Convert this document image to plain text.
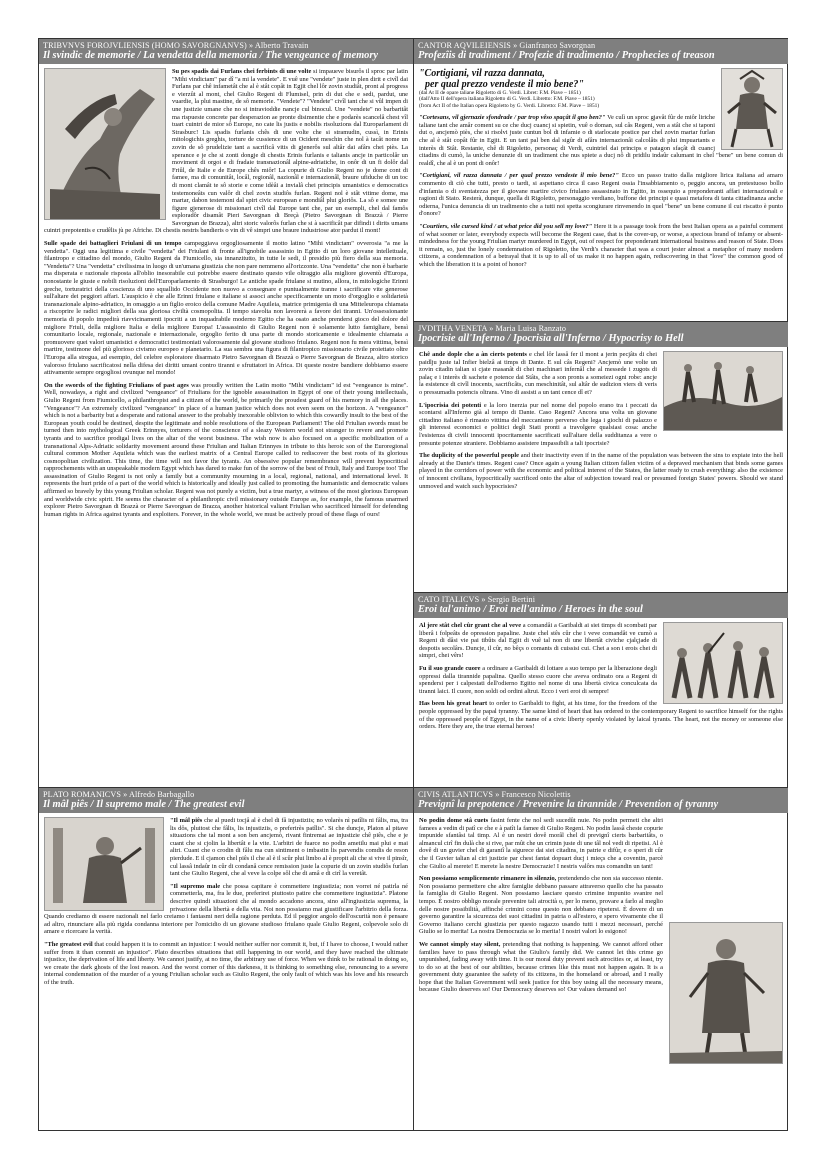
TRIBVNVS FOROJVLIENSIS (HOMO SAVORGNANVS) » Alberto Travain
Il svindic de memorie / La vendetta della memoria / The vengeance of memory

Su pes spadis dai Furlans chei ferbints di une volte si impaueve bisurôs il sproc par latin "Mihi vindictam" par dî "a mi la vendete". E vuê une "vendete" juste in plen dirit e civîl dai Furlans par chê infametât che al è stât copât in Egjit chel lôr zovin studiât, pront al progress e vierzût al mont, chel Giulio Regeni di Flumisel, prin di dut che e sedi, pardut, une vuardie, la plui mastine, de sô memorie. "Vendete"? "Vendete" civîl tant che si vûl impen di une justizie umane che no si intravioddie nancje cul binocul. Une "vendete" no barbaritât ma rispueste concrete par desperazion ae pronte disimentie che e podarès scancelâ chest vîl tuart cuintri de mior sô Europe, no cate lis justis e nobilis risoluzions dal Europarlament di Strasburc! Lis spadis furlanis chês di une volte che si stramudin, cussì, in Erinis mitologichis greghis, torture de cussience di un Ocident meschin che nol à tacât nome un zovin de sô prudelizie tant a sacrificâ vitis di gjenerôs sul altâr dai afârs chei piès. La sperance e je che si zonti dongje di chestis Erinis furlanis e talianis ancje in particolâr un moviment di orgoi e di fradaie transnazionâl alpine-adriatiche, in onôr di un fi dolôr dal Friûl, de Italie e de Europe chês miôr! La copurie di Giulio Regeni no je dome cont di famee, ma di comunitât, locâl, regionâl, nazionâl e internazionâl, braure ufiduche di un toc di mont clamât te sô storie e come idèâi a invialâ chei principis umanistics e democratics testemoneâts cun valôr di chel zovin studiôs furlan. Regeni nol è stât vitime dome, ma martar, dabon testemoni dal spirt civic european e mondiâl plui gloriôs. La sô e somee une figure gjenerose di missionari civîl dal Europe tant che, par un esempli, chel dal famôs esploradôr disamât Pieri Savorgnan di Breçà (Pietro Savorgnan di Brazzà / Pierre Savorgnan de Brazza), altri storic valorôs furlan che si à sacrificât par difindi i dirits umans cuintri prepotentis e crudêlis jù pe Afriche. Di chestis nestris bandieris o vin di vê simpri une braure industriose ator pardut il mont!

Sulle spade dei battaglieri Friulani di un tempo campeggiava orgogliosamente il motto latino "Mihi vindictam" ovverosia "a me la vendetta". Oggi una legittima e civile "vendetta" dei Friulani di fronte all'ignobile assassinio in Egitto di un loro giovane intellettuale, filantropo e cittadino del mondo, Giulio Regeni da Fiumicello, sia innanzitutto, in tutte le sedi, il presidio più fiero della sua memoria. "Vendetta"? Una "vendetta" civilissima in luogo di un'umana giustizia che non pare nemmeno all'orizzonte. Una "vendetta" che non è barbarie ma disperata e razionale risposta all'oblio inesorabile cui potrebbe essere destinato questo vile oltraggio alla migliore gioventù d'Europa, nonostante le giuste e nobili risoluzioni dell'Europarlamento di Strasburgo! Le antiche spade friulane si mutino, allora, in mitologiche Erinni greche, torturatrici della coscienza di uno squallido Occidente non nuovo a consegnare e puntualmente tranne i sacrificare vite generose sull'altare dei peggiori affari. L'auspicio è che alle Erinni friulane e italiane si associ anche specificamente un moto d'orgoglio e solidarietà transnazionale alpino-adriatico, in omaggio a un figlio eroico della comune Madre Aquileia, matrice primigenia di una Mitteleuropa chiamata a riscoprire le radici migliori della sua gloriosa civiltà cosmopolita. Il tempo stavolta non lavorerà a favore dei tiranni. Un'ossessionante memoria di popolo impedirà riavvicinamenti ipocriti a un inquadrabile moderno Egitto che ha osato anche prendersi gioco del dolore del migliore Friuli, della migliore Italia e della migliore Europa! L'assassinio di Giulio Regeni non è solamente lutto famigliare, bensì comunitario locale, regionale, nazionale e internazionale, orgoglio ferito di una parte di mondo storicamente e idealmente chiamata a promuovere quei valori umanistici e democratici testimoniati valorosamente dal giovane studioso friulano. Regeni non fu mera vittima, bensì martire, testimone del più glorioso civismo europeo e planetario. La sua sembra una figura di filantropico missionario civile proiettato oltre l'Europa alla stregua, ad esempio, del celebre esploratore disarmato Pietro Savorgnan di Brazzà o Pierre Savorgnan de Brazza, altro storico valoroso friulano sacrificatosi nella difesa dei diritti umani contro tiranni e sfruttatori in Africa. Di queste nostre bandiere dobbiamo essere attivamente sempre orgogliosi ovunque nel mondo!

On the swords of the fighting Friulians of past ages was proudly written the Latin motto "Mihi vindictam" id est "vengeance is mine". Well, nowadays, a right and civilized "vengeance" of Friulians for the ignoble assassination in Egypt of one of their young intellectuals, Giulio Regeni from Fiumicello, a philanthropist and a citizen of the world, be primarily the proudest guard of his memory in all the places. "Vengeance"? An extremely civilized "vengeance" in place of a human justice which does not even seem on the horizon. A "vengeance" which is not a barbarity but a desperate and rational answer to the probably inexorable oblivion to which this cowardly insult to the best of the European youth could be destined, despite the legitimate and noble resolutions of the European Parliament! The old Friulian swords must be turned then into mythological Greek Erinnyes, torturers of the conscience of a sleazy Western world not stranger to revere and promote tyrants and to sacrifice prodigal lives on the altar of the worst business. The wish now is also focused on a specific mobilization of a transnational Alps-Adriatic solidarity movement around these Friulian and Italian Erinnyes in tribute to this heroic son of the Euroregional cultural common Mother Aquileia which was the earliest matrix of a Central Europe called to rediscover the best roots of its glorious cosmopolitan civilization. This time, the time will not favor the tyrants. An obsessive popular remembrance will prevent hypocritical rapprochements with an unspeakable modern Egypt which has dared to make fun of the sorrow of the best of Friuli, Italy and Europe too! The assassination of Giulio Regeni is not only a family but a community mourning in a local, regional, national, and international level. It represents the hurt pride of a part of the world which is historically and ideally just called to promoting the humanistic and democratic values affirmed so bravely by this young Friulian scholar. Regeni was not purely a victim, but a true martyr, a witness of the most glorious European and worldwide civic spirit. He seems the character of a philanthropic civil missionary outside Europe as, for example, the famous unarmed explorer Pietro Savorgnan di Brazzà or Pierre Savorgnan de Brazza, another historical valiant Friulian who sacrificed himself for defending human rights in Africa against tyrants and exploiters. Forever, in the whole world, we must be actively proud of these flags of ours!

CANTOR AQVILEIENSIS » Gianfranco Savorgnan
Profezîis di tradiment / Profezie di tradimento / Prophecies of treason
"Cortigiani, vil razza dannata,
per qual prezzo vendeste il mio bene?"
(dal At II de opare taliane Rigoletto di G. Verdi. Libret: F.M. Piave – 1851)
(dall'Atto II dell'opera italiana Rigoletto di G. Verdi. Libretto: F.M. Piave – 1851)
(from Act II of the Italian opera Rigoletto by G. Verdi. Libretto: F.M. Piave – 1851)

"Cortesans, vil gjernazie sfondrade / par trop vêso spaçât il gno ben?" Ve culì un sproc gjavât fûr de miôr liriche taliane tant che amâr coment su ce che ducj cuancj si spietin, vuê o doman, sul câs Regeni, ven a stâi che si taponi dut o, ancjemò piès, che si risolvi juste cuntun bol di infamie o di starlocate postice par chel zovin martar furlan che al è stât copât fûr in Egjit. E un tant pal ben dal sigûr di afârs internazionâi calcolâts di plui impuartants e interès di Stât. Restanie, chê di Rigoletto, personaç di Verdi, cuintriel dai princips e patagon sfaçât di cuancj citadins di cumò, la uniche denunzie di un tradiment che nus spiete a ducj nô di pridilu indaûr calumant in chel "bene" un bene comun di realdî, che al è un pont di onôr!

"Cortigiani, vil razza dannata / per qual prezzo vendeste il mio bene?" Ecco un passo tratto dalla migliore lirica italiana ad amaro commento di ciò che tutti, presto o tardi, si aspettano circa il caso Regeni ossia l'insabbiamento o, peggio ancora, un pretestuoso bollo d'infamia o di sventatezza per il giovane martire civico friulano assassinato in Egitto, in ossequio a preponderanti affari internazionali e ragioni di Stato. Resterà, dunque, quella di Rigoletto, personaggio verdiano, buffone dei principi e quasi metafora di tanta cittadinanza anche odierna, l'unica denuncia di un tradimento che a tutti noi spetta scongiurare rinvenendo in quel "bene" un bene comune il cui riscatto è punto d'onore?

"Courtiers, vile cursed kind / at what price did you sell my love?" Here it is a passage took from the best Italian opera as a painful comment of what sooner or later, everybody expects will become the Regeni case, that is the cover-up, or worse, a specious brand of infamy or absent-mindedness for the young Friulian martyr murdered in Egypt, out of respect for preponderant international business and reason of State. Does it remain, so, just the lonely condemnation of Rigoletto, the Verdi's character that was a court jester almost a metaphor of many modern citizens, a condemnation of a betrayal that it is up to all of us make it no happen again, rediscovering in that "love" the common good of which the liberation it is a point of honor?

JVDITHA VENETA » Maria Luisa Ranzato
Ipocrisie all'Inferno / Ipocrisia all'Inferno / Hypocrisy to Hell

Chê ande dople che a àn cierts potents e chel lôr lassâ fer il mont a jerin pecjâts di chei paidlju juste tal Infier bielzâ ai timps di Dante. E sul câs Regeni? Ancjemò une volte un zovin citadin talian si cjate masanât di chei machinari infernâl che al messede i zugots di palaç e i interès di sachete e potence dai Stâts, che a son pronts a someiezi ogni robe: ancje la esistence di civîl inocents, sacrificâts, cun meschinitât, sul altâr de sudizion viers di veris o pressumadis potencis oltrans. Vino di assisti a un tant cence dî et?

L'ipocrisia dei potenti e la loro inerzia pur nel nome del popolo erano tra i peccati da scontarsi all'Inferno già al tempo di Dante. Caso Regeni? Ancora una volta un giovane cittadino italiano è rimasto vittima del meccanismo perverso che lega i giochi di palazzo e gli interessi economici e politici degli Stati pronti a travolgere qualsiasi cosa: anche l'esistenza di civili innocenti ipocritamente sacrificati sull'altare della sudditanza a vere o presunte potenze straniere. Dobbiamo assistere impassibili a tali ipocrisie?

The duplicity of the powerful people and their inactivity even if in the name of the population was between the sins to expiate into the hell already at the Dante's times. Regeni case? Once again a young Italian citizen fallen victim of a depraved mechanism that binds some games played in the corridors of power with the economic and political interest of the States, the latter ready to crush everything: also the existence of innocent civilians, hypocritically sacrificed onto the altar of subjection toward real or presumed foreign States' powers. Should we stand unmoved and watch such hypocrisies?

CATO ITALICVS » Sergio Bertini
Eroi tal'animo / Eroi nell'animo / Heroes in the soul

Al jere stât chel cûr grant che al veve a comandâi a Garibaldi ai siei timps di scombati par liberâ i folpeâts de opression papaline. Juste chel stês cûr che i veve comandât ve cumò a Regeni di dâsi vie pai tibûts dal Egjit di vuê tal non di une libertât civiche cjalçjade di despotis secolârs. Duncje, il cûr, no bêçs o comants di cuissisi cui. Chei a son i erois chei di simpri, chei vêrs!

Fu il suo grande cuore a ordinare a Garibaldi di lottare a suo tempo per la liberazione degli oppressi dalla tirannide papalina. Quello stesso cuore che aveva ordinato ora a Regeni di spendersi per i calpestati dell'odierno Egitto nel nome di una libertà civica conculcata da tiranni laici. Il cuore, non soldi od ordini altrui. Ecco i veri eroi di sempre!

Has been his great heart to order to Garibaldi to fight, at his time, for the freedom of the people oppressed by the papal tyranny. The same kind of heart that has ordered to the contemporary Regeni to sacrifice himself for the rights of the oppressed people of Egypt, in the name of a civic liberty openly violated by laical tyrants. The heart, not the money or someone else orders. Here they are, the true eternal heroes!

PLATO ROMANICVS » Alfredo Barbagallo
Il mâl piês / Il supremo male / The greatest evil

"Il mâl piês che al puedi tocjâ al è chel di fâ injustiziis; no volarès nì patîlis ni fâlis, ma, tra lis dôs, pluitost che fâlis, lis injustiziis, o preferirès patîlis". Si che duncje, Platon al pitave situazions che tal mont a son ben ancjemò, rivant fintremai ae injustizie chê piês, che e je cuant che si cjolin la libertât e la vite. L'arbitri de fuarce no podin ametilu mai plui e mai altri. Cuant che o crodin di fâlu ma cun sintiment o imbastin lis parvendis comdis de reson pierdude. E il cjamon chel piês il che al è il scûr plui limbo al è propit ali che si vive il pinsîr, cul lassâ indaûr in cûr di condanâ cence remission juste la copurie di un zovin studiôs furlan tant che Giulio Regeni, che al veve la colpe sôl che di amâ e di cirî la veretât.

"Il supremo male che possa capitare è commettere ingiustizia; non vorrei né patirla né commetterla, ma, fra le due, preferirei piuttosto patire che commettere ingiustizia". Platone descrive quindi situazioni che al mondo accadono ancora, sino all'ingiustizia suprema, la privazione della libertà e della vita. Noi non possiamo mai giustificare l'arbitrio della forza. Quando crediamo di essere razionali nel farlo creiamo i fantasmi neri della ragione perduta. Ed il peggior angolo dell'oscurità non è pensare ad altro, rinunciare alla più rigida condanna interiore per l'omicidio di un giovane studioso friulano quale Giulio Regeni, colpevole solo di amare e ricercare la verità.

"The greatest evil that could happen it is to commit an injustice: I would neither suffer nor commit it, but, if I have to choose, I would rather suffer from it than commit an injustice". Plato describes situations that still happening in our world, and they have reached the ultimate injustice, the deprivation of life and liberty. We cannot justify, at no time, the arbitrary use of force. When we think to be rational in doing so, we create the dark ghosts of the lost reason. And the worst corner of this darkness, it is thinking to something else, renouncing to a severe internal condemnation of the murder of a young Friulian scholar such as Giulio Regeni, the only fault of which was his love and his research of the truth.

CIVIS ATLANTICVS » Francesco Nicolettis
Prevignî la prepotence / Prevenire la tirannide / Prevention of tyranny

No podin dome stâ cuets fasint fente che nol sedi sucedût nuie. No podin permeti che altri famees a vedin di patî ce che e à patît la famee di Giulio Regeni. No podin lassâ cheste copurie impunide sfantâsi tal timp. Al è un nestri dovê morâl chel di prevignî cierts barbaritâts, o almancul cirî fin dulà che si rive, par mût che un crimin juste di une tâl nol vedi di ripetisi. Al è dovê di un guvier chel di garantî la sigurece dai siei citadins, in patrie e difûr, e o speri di cûr che il Guvier talian al ciri justizie par chest fantat dopuart ducj i mieçs che a coventin, parcè che Giulio al merete! E merete la nestre Democrazie! I nestris valôrs nus comandin un tant!

Non possiamo semplicemente rimanere in silenzio, pretendendo che non sia successo niente. Non possiamo permettere che altre famiglie debbano passare attraverso quello che ha passato la famiglia di Giulio Regeni. Non possiamo lasciare questo crimine impunito svanire nel tempo. È nostro obbligo morale prevenire tali atrocità o, per lo meno, provare a farlo al meglio delle nostre possibilità, affinché crimini come questo non debbano ripetersi. È dovere di un governo garantire la sicurezza dei suoi cittadini in patria o all'estero, e spero vivamente che il Governo italiano cerchi giustizia per questo ragazzo usando tutti i mezzi necessari, perché Giulio se lo merita! La nostra Democrazia se lo merita! I nostri valori lo esigono!

We cannot simply stay silent, pretending that nothing is happening. We cannot afford other families have to pass through what the Giulio's family did. We cannot let this crime go unpunished, fading away with time. It is our moral duty prevent such atrocities or, at least, try to do so at the best of our abilities, because crimes like this must not happen again. It is a government duty guarantee the safety of its citizens, in the homeland or abroad, and I really hope that the Italian Government will seek justice for this boy using all the necessary means, because Giulio deserves so! Our Democracy deserves so! Our values demand so!
